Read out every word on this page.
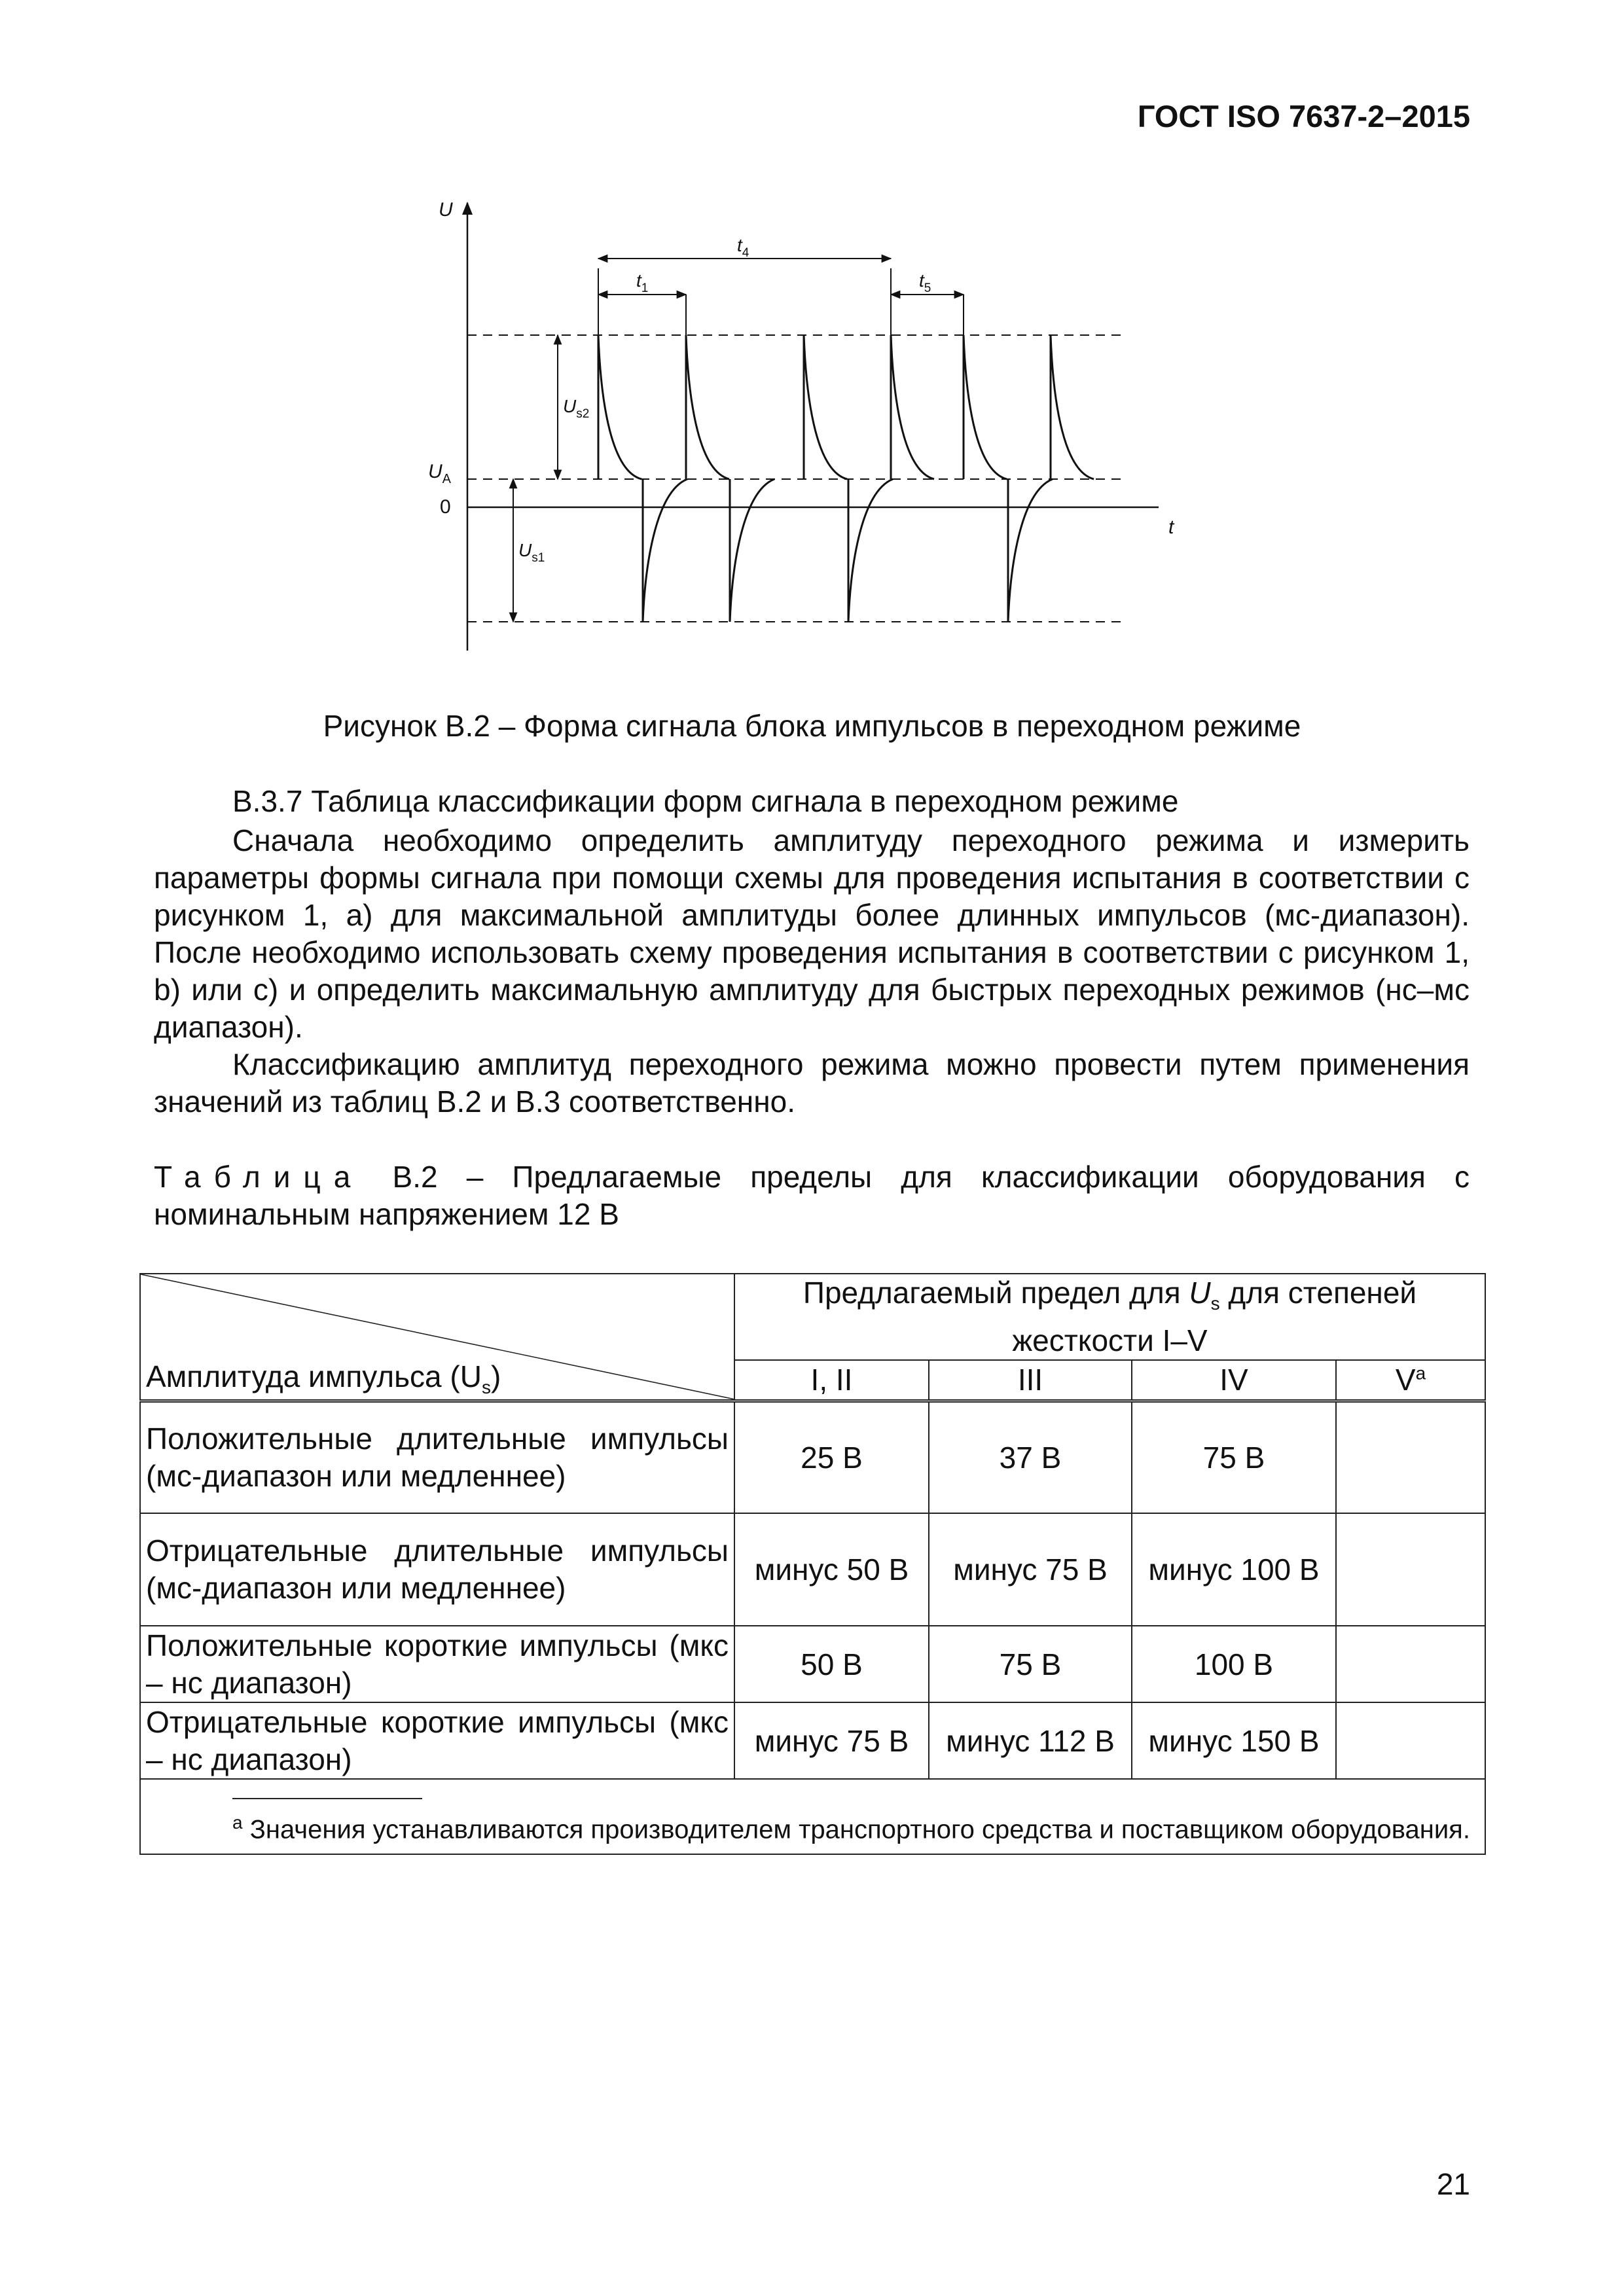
ГОСТ ISO 7637-2–2015
U
t
$U_A$
0
$U_{s2}$
$U_{s1}$
$t_4$
$t_1$	$t_5$
Рисунок B.2 – Форма сигнала блока импульсов в переходном режиме
B.3.7 Таблица классификации форм сигнала в переходном режиме
Сначала необходимо определить амплитуду переходного режима и измерить параметры формы сигнала при помощи схемы для проведения испытания в соответствии с рисунком 1, a) для максимальной амплитуды более длинных импульсов (мс-диапазон). После необходимо использовать схему проведения испытания в соответствии с рисунком 1, b) или c) и определить максимальную амплитуду для быстрых переходных режимов (нс–мс диапазон).
Классификацию амплитуд переходного режима можно провести путем применения значений из таблиц B.2 и B.3 соответственно.
Таблица B.2 – Предлагаемые пределы для классификации оборудования с номинальным напряжением 12 В
Амплитуда импульса $(U_s)$	Предлагаемый предел для $U_s$ для степеней жесткости I–V			
	I, II	III	IV	$V^a$
Положительные длительные импульсы (мс-диапазон или медленнее)	25 В	37 В	75 В	
Отрицательные длительные импульсы (мс-диапазон или медленнее)	минус 50 В	минус 75 В	минус 100 В	
Положительные короткие импульсы (мкс – нс диапазон)	50 В	75 В	100 В	
Отрицательные короткие импульсы (мкс – нс диапазон)	минус 75 В	минус 112 В	минус 150 В	

$^a$ Значения устанавливаются производителем транспортного средства и поставщиком оборудования.				
21
